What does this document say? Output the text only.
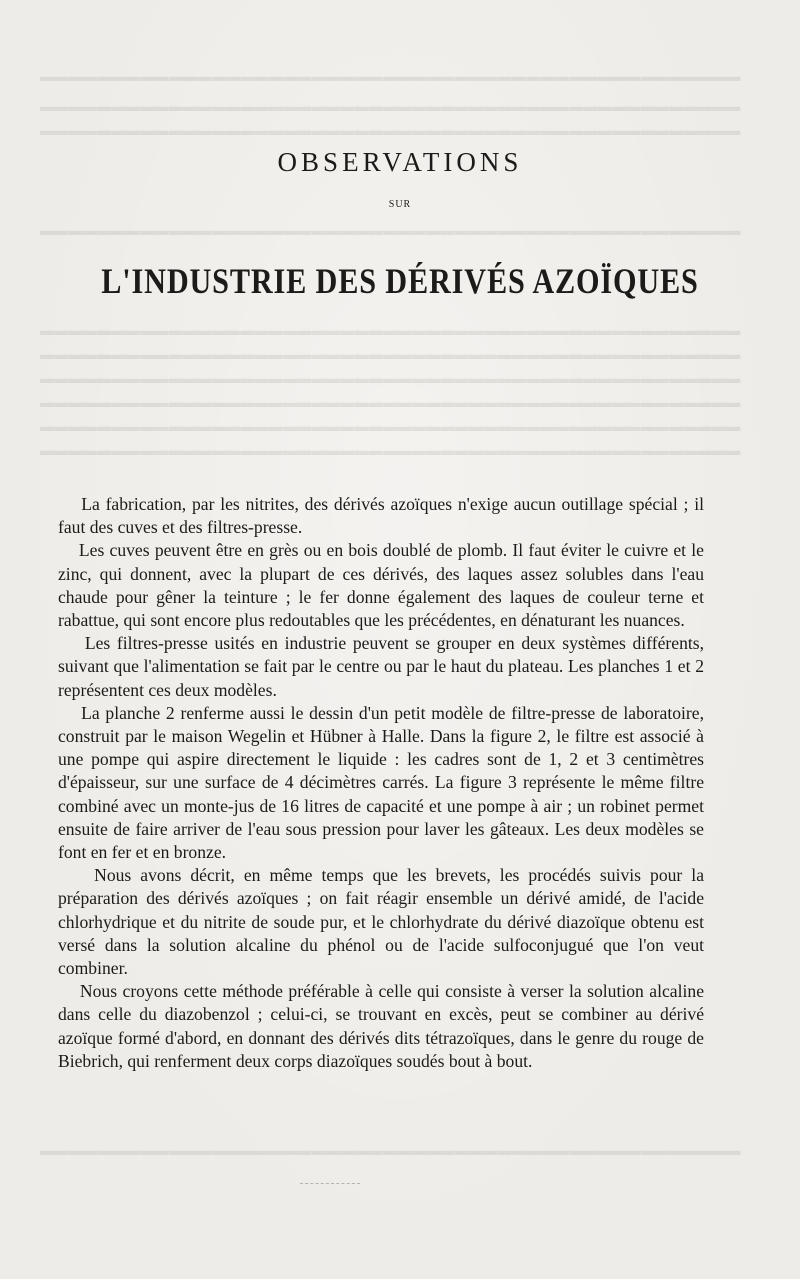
▬▬▬▬▬▬▬▬▬▬▬▬▬▬▬▬▬▬▬▬▬▬▬▬▬▬▬▬▬▬▬▬▬▬▬▬▬▬▬▬▬▬▬▬▬▬▬▬▬
▬▬▬▬▬▬▬▬▬▬▬▬▬▬▬▬▬▬▬▬▬▬▬▬▬▬▬▬▬▬▬▬▬▬▬▬▬▬▬▬▬▬▬▬▬▬▬▬▬
▬▬▬▬▬▬▬▬▬▬▬▬▬▬▬▬▬▬▬▬▬▬▬▬▬▬▬▬▬▬▬▬▬▬▬▬▬▬▬▬▬▬▬▬▬▬▬▬▬
▬▬▬▬▬▬▬▬▬▬▬▬▬▬▬▬▬▬▬▬▬▬▬▬▬▬▬▬▬▬▬▬▬▬▬▬▬▬▬▬▬▬▬▬▬▬▬▬▬
▬▬▬▬▬▬▬▬▬▬▬▬▬▬▬▬▬▬▬▬▬▬▬▬▬▬▬▬▬▬▬▬▬▬▬▬▬▬▬▬▬▬▬▬▬▬▬▬▬
▬▬▬▬▬▬▬▬▬▬▬▬▬▬▬▬▬▬▬▬▬▬▬▬▬▬▬▬▬▬▬▬▬▬▬▬▬▬▬▬▬▬▬▬▬▬▬▬▬
▬▬▬▬▬▬▬▬▬▬▬▬▬▬▬▬▬▬▬▬▬▬▬▬▬▬▬▬▬▬▬▬▬▬▬▬▬▬▬▬▬▬▬▬▬▬▬▬▬
▬▬▬▬▬▬▬▬▬▬▬▬▬▬▬▬▬▬▬▬▬▬▬▬▬▬▬▬▬▬▬▬▬▬▬▬▬▬▬▬▬▬▬▬▬▬▬▬▬
▬▬▬▬▬▬▬▬▬▬▬▬▬▬▬▬▬▬▬▬▬▬▬▬▬▬▬▬▬▬▬▬▬▬▬▬▬▬▬▬▬▬▬▬▬▬▬▬▬
▬▬▬▬▬▬▬▬▬▬▬▬▬▬▬▬▬▬▬▬▬▬▬▬▬▬▬▬▬▬▬▬▬▬▬▬▬▬▬▬▬▬▬▬▬▬▬▬▬
▬▬▬▬▬▬▬▬▬▬▬▬▬▬▬▬▬▬▬▬▬▬▬▬▬▬▬▬▬▬▬▬▬▬▬▬▬▬▬▬▬▬▬▬▬▬▬▬▬
OBSERVATIONS
SUR
L'INDUSTRIE DES DÉRIVÉS AZOÏQUES

La fabrication, par les nitrites, des dérivés azoïques n'exige aucun outillage spécial ; il faut des cuves et des filtres-presse.

Les cuves peuvent être en grès ou en bois doublé de plomb. Il faut éviter le cuivre et le zinc, qui donnent, avec la plupart de ces dérivés, des laques assez solubles dans l'eau chaude pour gêner la teinture ; le fer donne également des laques de couleur terne et rabattue, qui sont encore plus redoutables que les précédentes, en dénaturant les nuances.

Les filtres-presse usités en industrie peuvent se grouper en deux systèmes différents, suivant que l'alimentation se fait par le centre ou par le haut du plateau. Les planches 1 et 2 représentent ces deux modèles.

La planche 2 renferme aussi le dessin d'un petit modèle de filtre-presse de laboratoire, construit par le maison Wegelin et Hübner à Halle. Dans la figure 2, le filtre est associé à une pompe qui aspire directement le liquide : les cadres sont de 1, 2 et 3 centimètres d'épaisseur, sur une surface de 4 décimètres carrés. La figure 3 représente le même filtre combiné avec un monte-jus de 16 litres de capacité et une pompe à air ; un robinet permet ensuite de faire arriver de l'eau sous pression pour laver les gâteaux. Les deux modèles se font en fer et en bronze.

Nous avons décrit, en même temps que les brevets, les procédés suivis pour la préparation des dérivés azoïques ; on fait réagir ensemble un dérivé amidé, de l'acide chlorhydrique et du nitrite de soude pur, et le chlorhydrate du dérivé diazoïque obtenu est versé dans la solution alcaline du phénol ou de l'acide sulfoconjugué que l'on veut combiner.

Nous croyons cette méthode préférable à celle qui consiste à verser la solution alcaline dans celle du diazobenzol ; celui-ci, se trouvant en excès, peut se combiner au dérivé azoïque formé d'abord, en donnant des dérivés dits tétrazoïques, dans le genre du rouge de Biebrich, qui renferment deux corps diazoïques soudés bout à bout.
